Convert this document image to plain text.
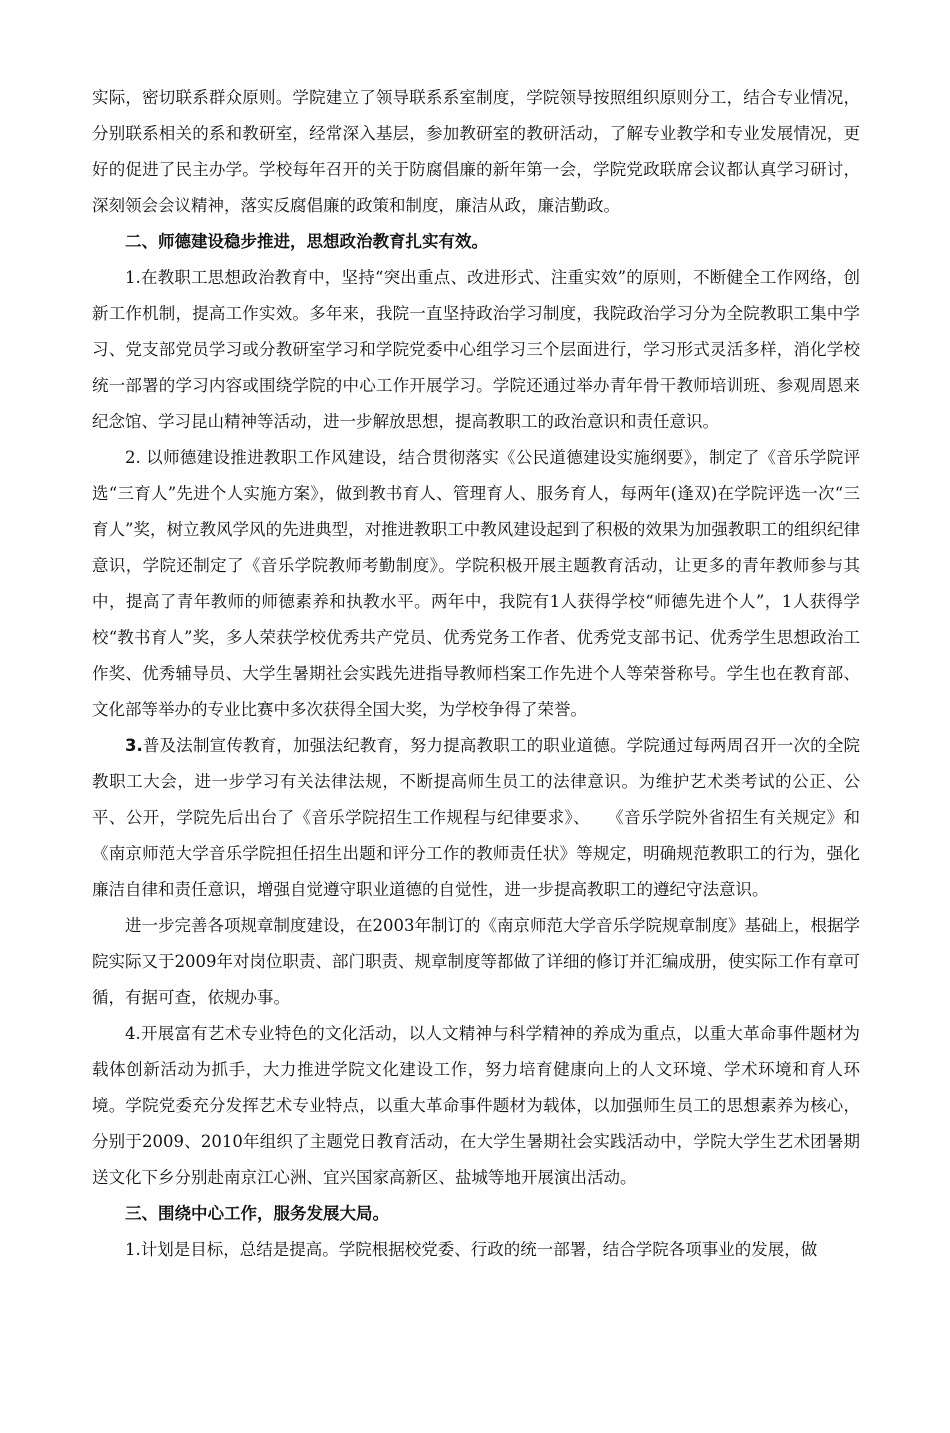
实际，密切联系群众原则。学院建立了领导联系系室制度，学院领导按照组织原则分工，结合专业情况，分别联系相关的系和教研室，经常深入基层，参加教研室的教研活动，了解专业教学和专业发展情况，更好的促进了民主办学。学校每年召开的关于防腐倡廉的新年第一会，学院党政联席会议都认真学习研讨，深刻领会会议精神，落实反腐倡廉的政策和制度，廉洁从政，廉洁勤政。

二、师德建设稳步推进，思想政治教育扎实有效。

1.在教职工思想政治教育中，坚持“突出重点、改进形式、注重实效”的原则，不断健全工作网络，创新工作机制，提高工作实效。多年来，我院一直坚持政治学习制度，我院政治学习分为全院教职工集中学习、党支部党员学习或分教研室学习和学院党委中心组学习三个层面进行，学习形式灵活多样，消化学校统一部署的学习内容或围绕学院的中心工作开展学习。学院还通过举办青年骨干教师培训班、参观周恩来纪念馆、学习昆山精神等活动，进一步解放思想，提高教职工的政治意识和责任意识。

2. 以师德建设推进教职工作风建设，结合贯彻落实《公民道德建设实施纲要》，制定了《音乐学院评选“三育人”先进个人实施方案》，做到教书育人、管理育人、服务育人，每两年(逢双)在学院评选一次“三育人”奖，树立教风学风的先进典型，对推进教职工中教风建设起到了积极的效果为加强教职工的组织纪律意识，学院还制定了《音乐学院教师考勤制度》。学院积极开展主题教育活动，让更多的青年教师参与其中，提高了青年教师的师德素养和执教水平。两年中，我院有1人获得学校“师德先进个人”，1人获得学校“教书育人”奖，多人荣获学校优秀共产党员、优秀党务工作者、优秀党支部书记、优秀学生思想政治工作奖、优秀辅导员、大学生暑期社会实践先进指导教师档案工作先进个人等荣誉称号。学生也在教育部、文化部等举办的专业比赛中多次获得全国大奖，为学校争得了荣誉。

3.普及法制宣传教育，加强法纪教育，努力提高教职工的职业道德。学院通过每两周召开一次的全院教职工大会，进一步学习有关法律法规，不断提高师生员工的法律意识。为维护艺术类考试的公正、公平、公开，学院先后出台了《音乐学院招生工作规程与纪律要求》、　　《音乐学院外省招生有关规定》和《南京师范大学音乐学院担任招生出题和评分工作的教师责任状》等规定，明确规范教职工的行为，强化廉洁自律和责任意识，增强自觉遵守职业道德的自觉性，进一步提高教职工的遵纪守法意识。

进一步完善各项规章制度建设，在2003年制订的《南京师范大学音乐学院规章制度》基础上，根据学院实际又于2009年对岗位职责、部门职责、规章制度等都做了详细的修订并汇编成册，使实际工作有章可循，有据可查，依规办事。

4.开展富有艺术专业特色的文化活动，以人文精神与科学精神的养成为重点，以重大革命事件题材为载体创新活动为抓手，大力推进学院文化建设工作，努力培育健康向上的人文环境、学术环境和育人环境。学院党委充分发挥艺术专业特点，以重大革命事件题材为载体，以加强师生员工的思想素养为核心，分别于2009、2010年组织了主题党日教育活动，在大学生暑期社会实践活动中，学院大学生艺术团暑期送文化下乡分别赴南京江心洲、宜兴国家高新区、盐城等地开展演出活动。

三、围绕中心工作，服务发展大局。

1.计划是目标，总结是提高。学院根据校党委、行政的统一部署，结合学院各项事业的发展，做
